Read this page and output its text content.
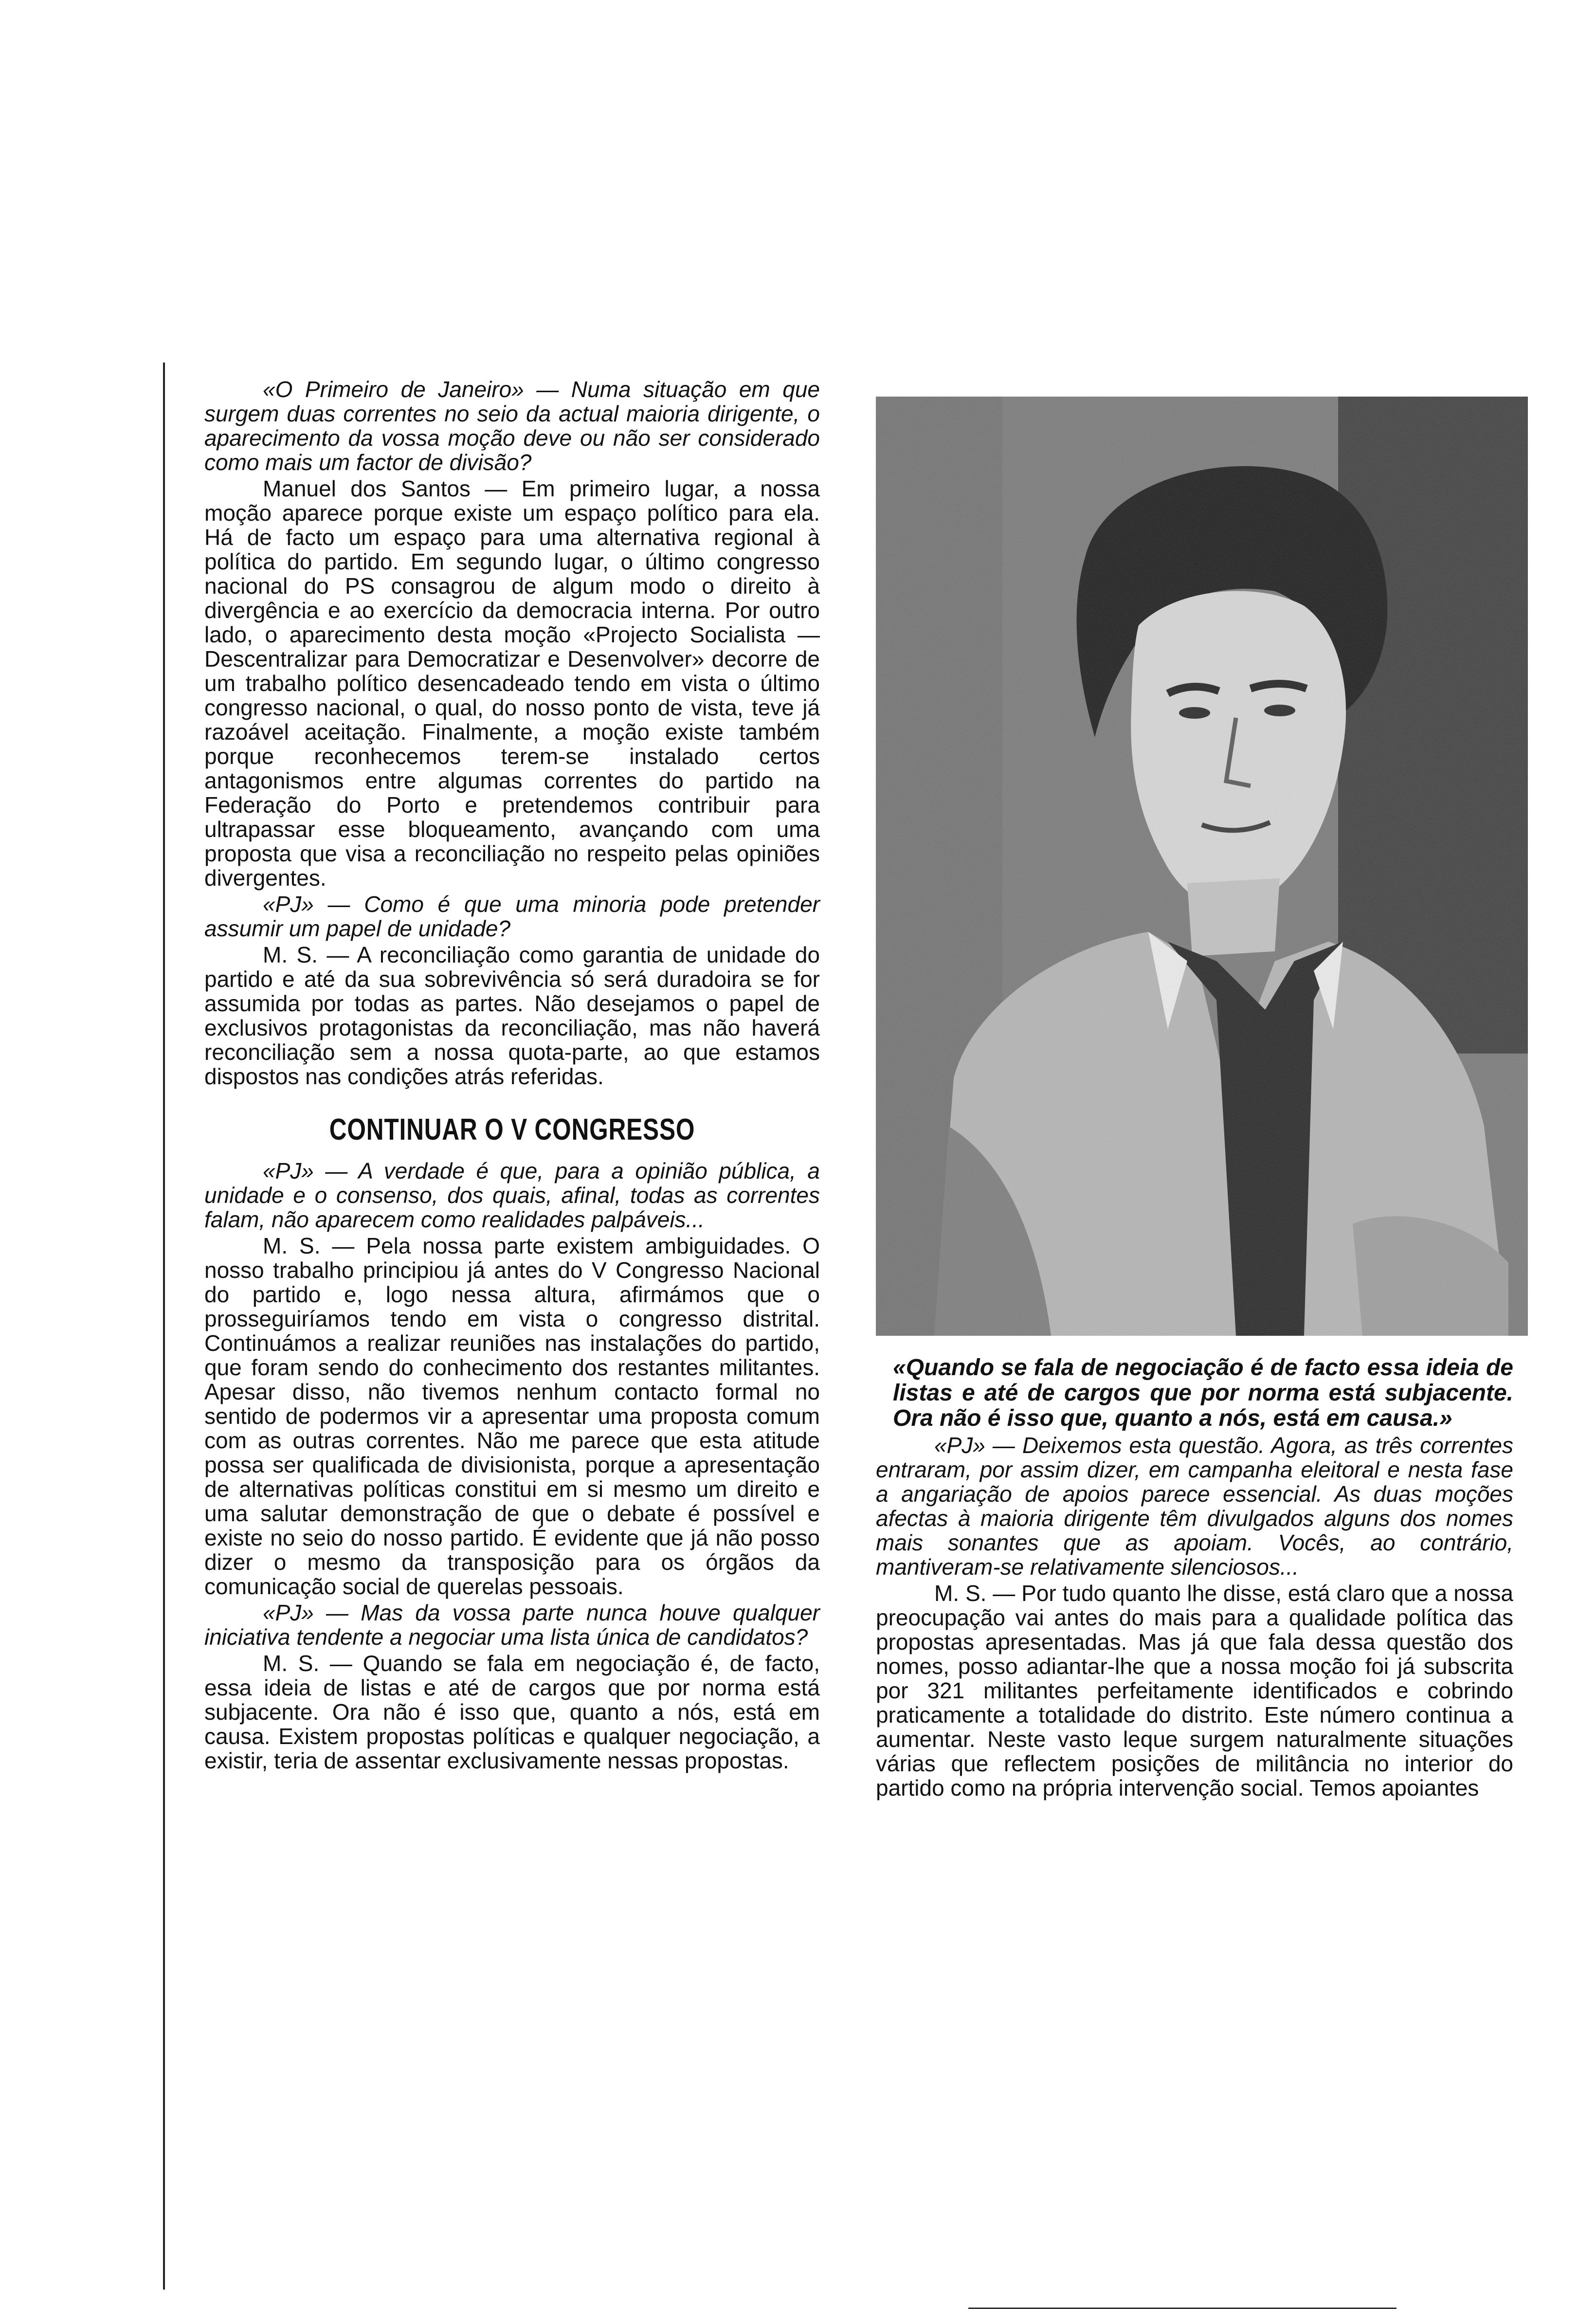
«O Primeiro de Janeiro» — Numa situação em que surgem duas correntes no seio da actual maioria dirigente, o aparecimento da vossa moção deve ou não ser considerado como mais um factor de divisão?

Manuel dos Santos — Em primeiro lugar, a nossa moção aparece porque existe um espaço político para ela. Há de facto um espaço para uma alternativa regional à política do partido. Em segundo lugar, o último congresso nacional do PS consagrou de algum modo o direito à divergência e ao exercício da democracia interna. Por outro lado, o aparecimento desta moção «Projecto Socialista — Descentralizar para Democratizar e Desenvolver» decorre de um trabalho político desencadeado tendo em vista o último congresso nacional, o qual, do nosso ponto de vista, teve já razoável aceitação. Finalmente, a moção existe também porque reconhecemos terem-se instalado certos antagonismos entre algumas correntes do partido na Federação do Porto e pretendemos contribuir para ultrapassar esse bloqueamento, avançando com uma proposta que visa a reconciliação no respeito pelas opiniões divergentes.

«PJ» — Como é que uma minoria pode pretender assumir um papel de unidade?

M. S. — A reconciliação como garantia de unidade do partido e até da sua sobrevivência só será duradoira se for assumida por todas as partes. Não desejamos o papel de exclusivos protagonistas da reconciliação, mas não haverá reconciliação sem a nossa quota-parte, ao que estamos dispostos nas condições atrás referidas.

CONTINUAR O V CONGRESSO

«PJ» — A verdade é que, para a opinião pública, a unidade e o consenso, dos quais, afinal, todas as correntes falam, não aparecem como realidades palpáveis...

M. S. — Pela nossa parte existem ambiguidades. O nosso trabalho principiou já antes do V Congresso Nacional do partido e, logo nessa altura, afirmámos que o prosseguiríamos tendo em vista o congresso distrital. Continuámos a realizar reuniões nas instalações do partido, que foram sendo do conhecimento dos restantes militantes. Apesar disso, não tivemos nenhum contacto formal no sentido de podermos vir a apresentar uma proposta comum com as outras correntes. Não me parece que esta atitude possa ser qualificada de divisionista, porque a apresentação de alternativas políticas constitui em si mesmo um direito e uma salutar demonstração de que o debate é possível e existe no seio do nosso partido. É evidente que já não posso dizer o mesmo da transposição para os órgãos da comunicação social de querelas pessoais.

«PJ» — Mas da vossa parte nunca houve qualquer iniciativa tendente a negociar uma lista única de candidatos?

M. S. — Quando se fala em negociação é, de facto, essa ideia de listas e até de cargos que por norma está subjacente. Ora não é isso que, quanto a nós, está em causa. Existem propostas políticas e qualquer negociação, a existir, teria de assentar exclusivamente nessas propostas.

«Quando se fala de negociação é de facto essa ideia de listas e até de cargos que por norma está subjacente. Ora não é isso que, quanto a nós, está em causa.»

«PJ» — Deixemos esta questão. Agora, as três correntes entraram, por assim dizer, em campanha eleitoral e nesta fase a angariação de apoios parece essencial. As duas moções afectas à maioria dirigente têm divulgados alguns dos nomes mais sonantes que as apoiam. Vocês, ao contrário, mantiveram-se relativamente silenciosos...

M. S. — Por tudo quanto lhe disse, está claro que a nossa preocupação vai antes do mais para a qualidade política das propostas apresentadas. Mas já que fala dessa questão dos nomes, posso adiantar-lhe que a nossa moção foi já subscrita por 321 militantes perfeitamente identificados e cobrindo praticamente a totalidade do distrito. Este número continua a aumentar. Neste vasto leque surgem naturalmente situações várias que reflectem posições de militância no interior do partido como na própria intervenção social. Temos apoiantes
